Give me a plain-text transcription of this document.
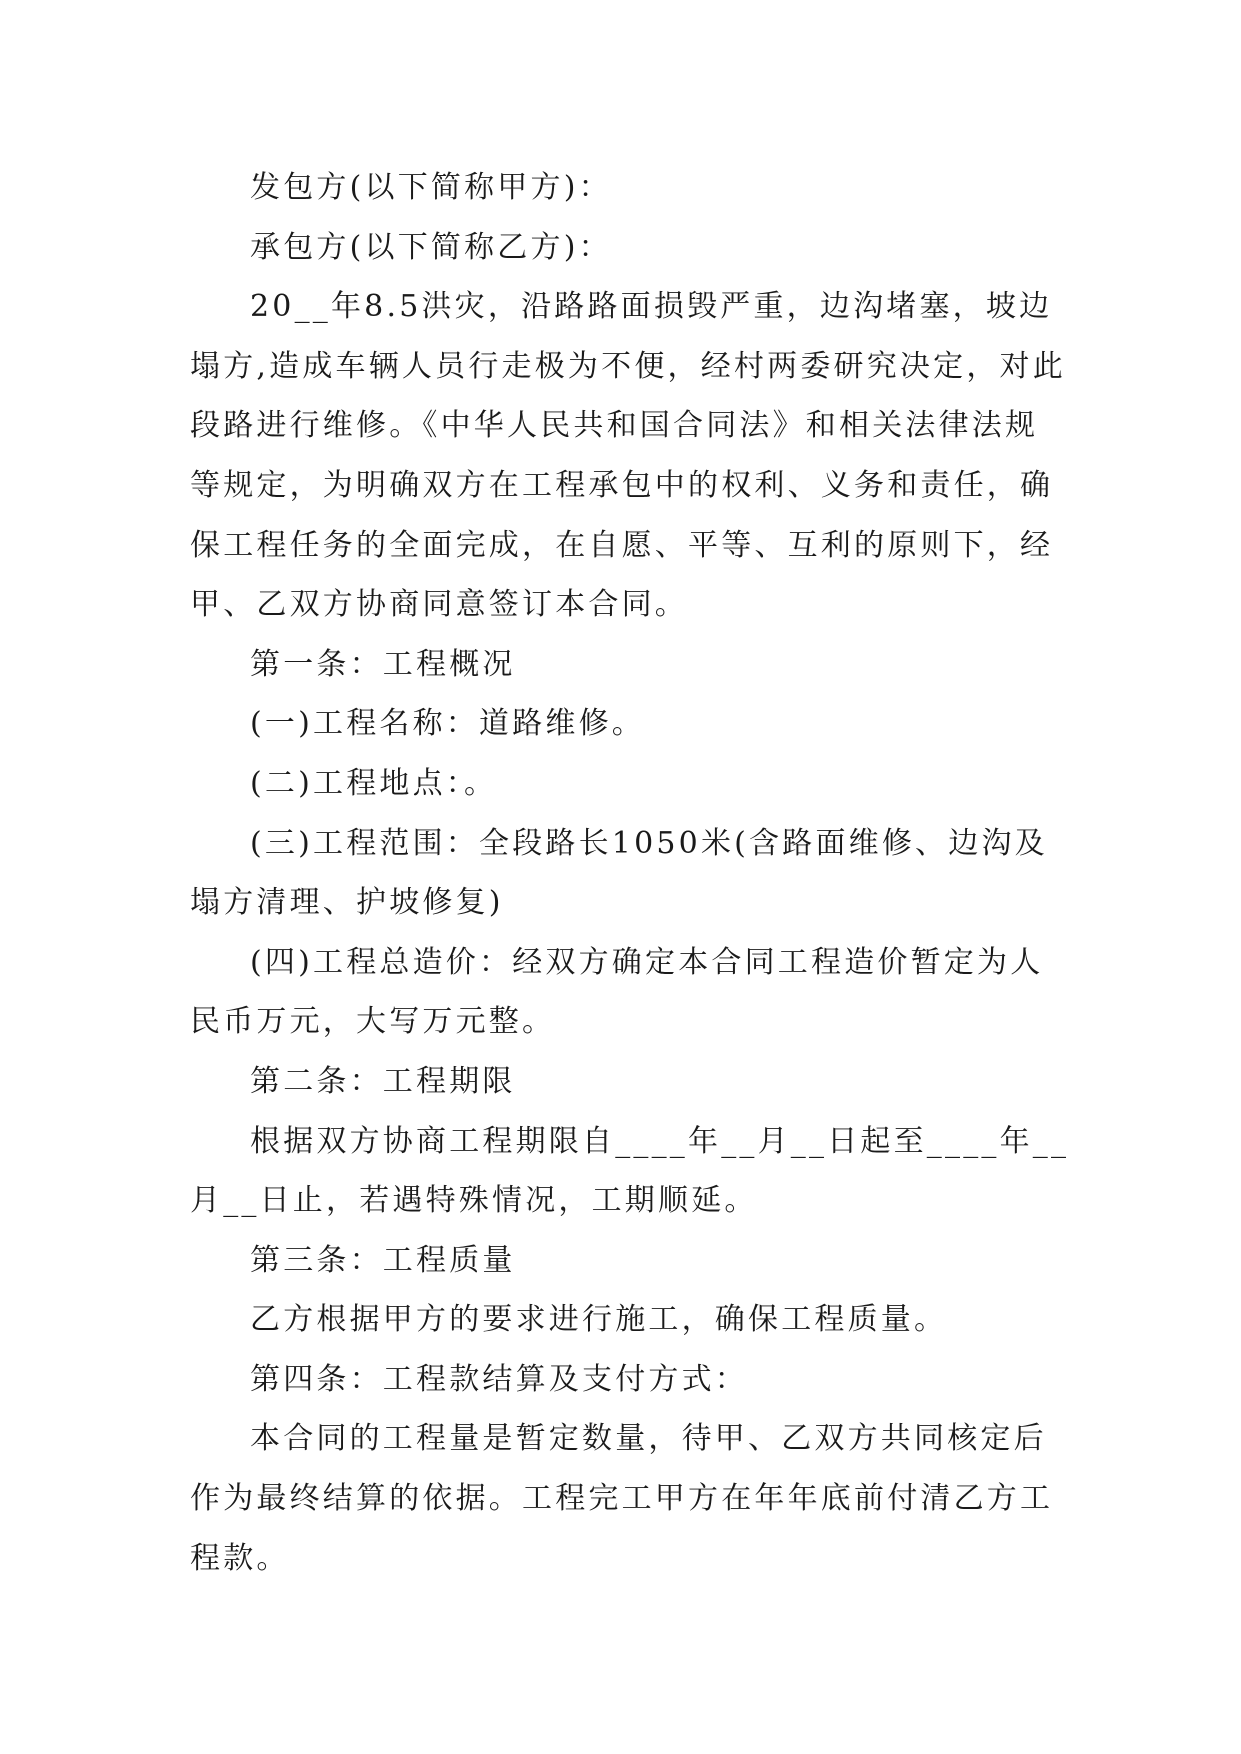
发包方(以下简称甲方)：

承包方(以下简称乙方)：

20__年8.5洪灾，沿路路面损毁严重，边沟堵塞，坡边塌方,造成车辆人员行走极为不便，经村两委研究决定，对此段路进行维修。《中华人民共和国合同法》和相关法律法规等规定，为明确双方在工程承包中的权利、义务和责任，确保工程任务的全面完成，在自愿、平等、互利的原则下，经甲、乙双方协商同意签订本合同。

第一条：工程概况

(一)工程名称：道路维修。

(二)工程地点：。

(三)工程范围：全段路长1050米(含路面维修、边沟及塌方清理、护坡修复)

(四)工程总造价：经双方确定本合同工程造价暂定为人民币万元，大写万元整。

第二条：工程期限

根据双方协商工程期限自____年__月__日起至____年__月__日止，若遇特殊情况，工期顺延。

第三条：工程质量

乙方根据甲方的要求进行施工，确保工程质量。

第四条：工程款结算及支付方式：

本合同的工程量是暂定数量，待甲、乙双方共同核定后作为最终结算的依据。工程完工甲方在年年底前付清乙方工程款。
